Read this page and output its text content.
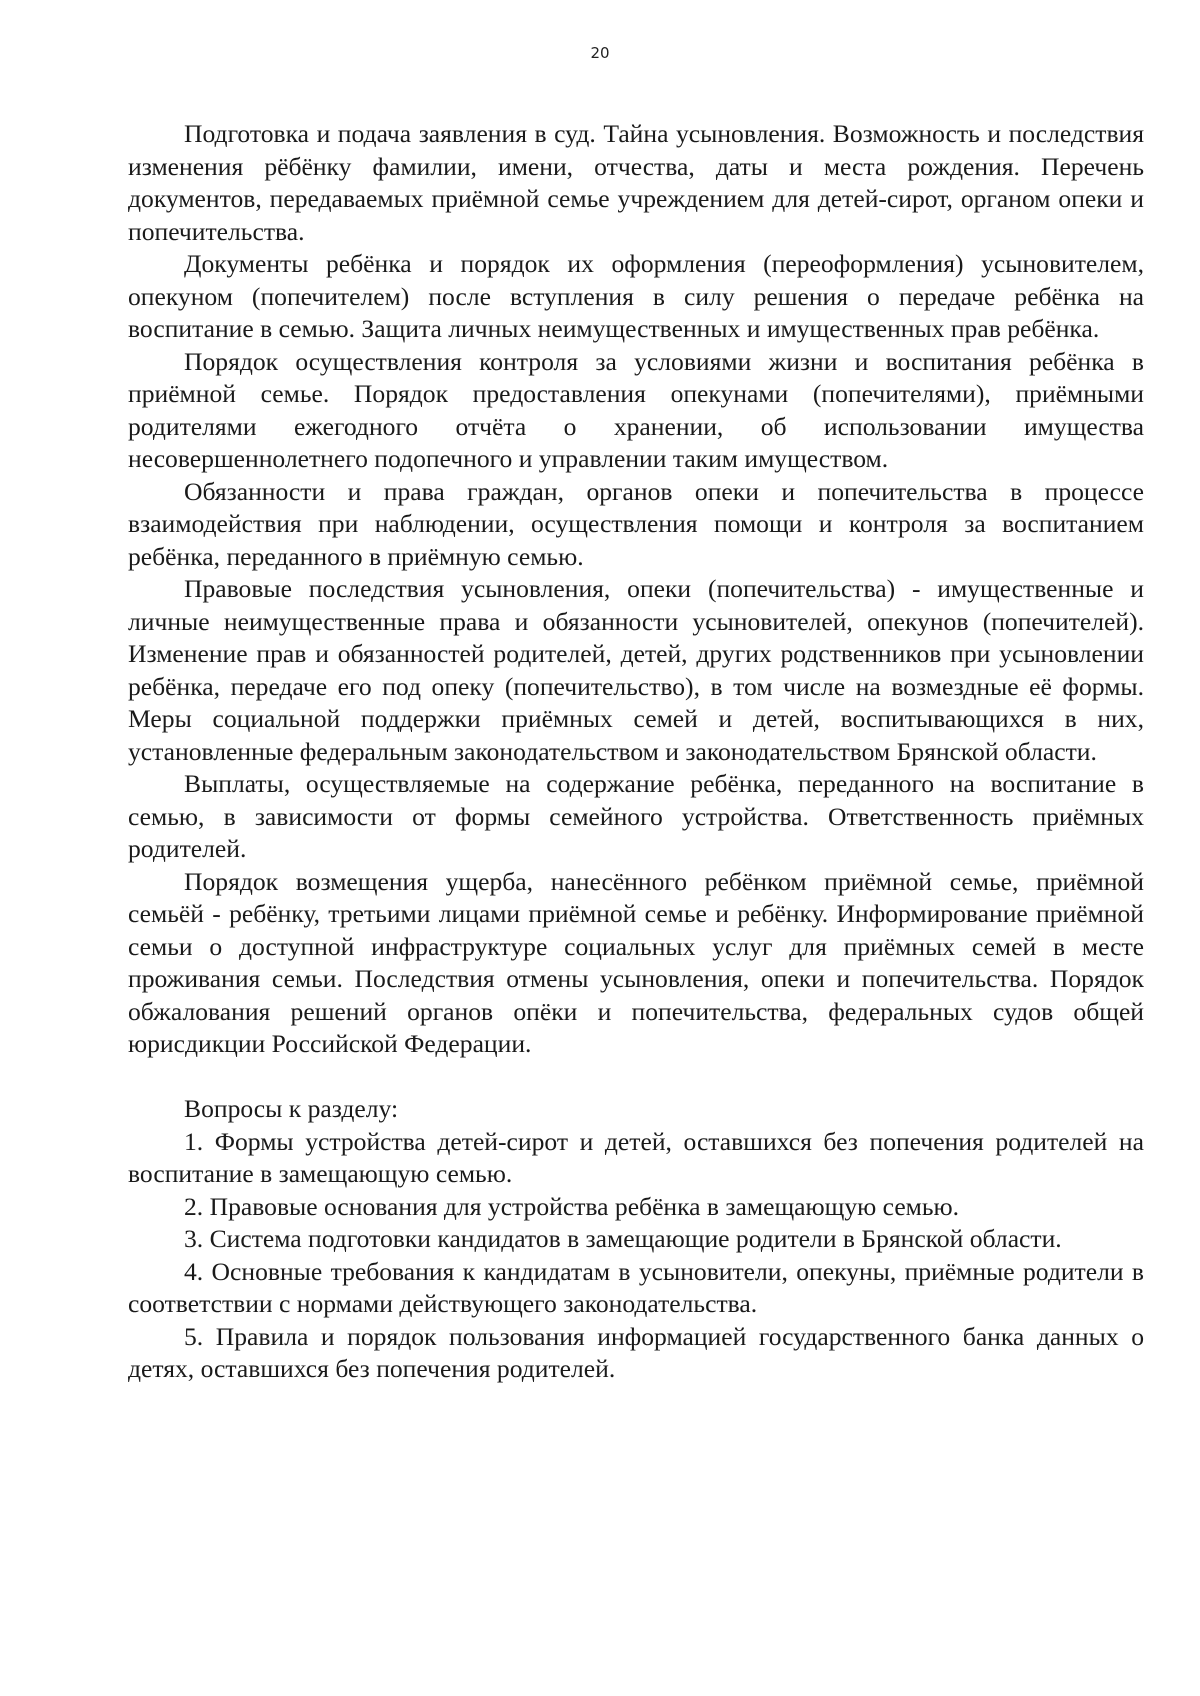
20

Подготовка и подача заявления в суд. Тайна усыновления. Возможность и последствия изменения рёбёнку фамилии, имени, отчества, даты и места рождения. Перечень документов, передаваемых приёмной семье учреждением для детей-сирот, органом опеки и попечительства.

Документы ребёнка и порядок их оформления (переоформления) усыновителем, опекуном (попечителем) после вступления в силу решения о передаче ребёнка на воспитание в семью. Защита личных неимущественных и имущественных прав ребёнка.

Порядок осуществления контроля за условиями жизни и воспитания ребёнка в приёмной семье. Порядок предоставления опекунами (попечителями), приёмными родителями ежегодного отчёта о хранении, об использовании имущества несовершеннолетнего подопечного и управлении таким имуществом.

Обязанности и права граждан, органов опеки и попечительства в процессе взаимодействия при наблюдении, осуществления помощи и контроля за воспитанием ребёнка, переданного в приёмную семью.

Правовые последствия усыновления, опеки (попечительства) - имущественные и личные неимущественные права и обязанности усыновителей, опекунов (попечителей). Изменение прав и обязанностей родителей, детей, других родственников при усыновлении ребёнка, передаче его под опеку (попечительство), в том числе на возмездные её формы. Меры социальной поддержки приёмных семей и детей, воспитывающихся в них, установленные федеральным законодательством и законодательством Брянской области.

Выплаты, осуществляемые на содержание ребёнка, переданного на воспитание в семью, в зависимости от формы семейного устройства. Ответственность приёмных родителей.

Порядок возмещения ущерба, нанесённого ребёнком приёмной семье, приёмной семьёй - ребёнку, третьими лицами приёмной семье и ребёнку. Информирование приёмной семьи о доступной инфраструктуре социальных услуг для приёмных семей в месте проживания семьи. Последствия отмены усыновления, опеки и попечительства. Порядок обжалования решений органов опёки и попечительства, федеральных судов общей юрисдикции Российской Федерации.

Вопросы к разделу:

1. Формы устройства детей-сирот и детей, оставшихся без попечения родителей на воспитание в замещающую семью.

2. Правовые основания для устройства ребёнка в замещающую семью.

3. Система подготовки кандидатов в замещающие родители в Брянской области.

4. Основные требования к кандидатам в усыновители, опекуны, приёмные родители в соответствии с нормами действующего законодательства.

5. Правила и порядок пользования информацией государственного банка данных о детях, оставшихся без попечения родителей.
